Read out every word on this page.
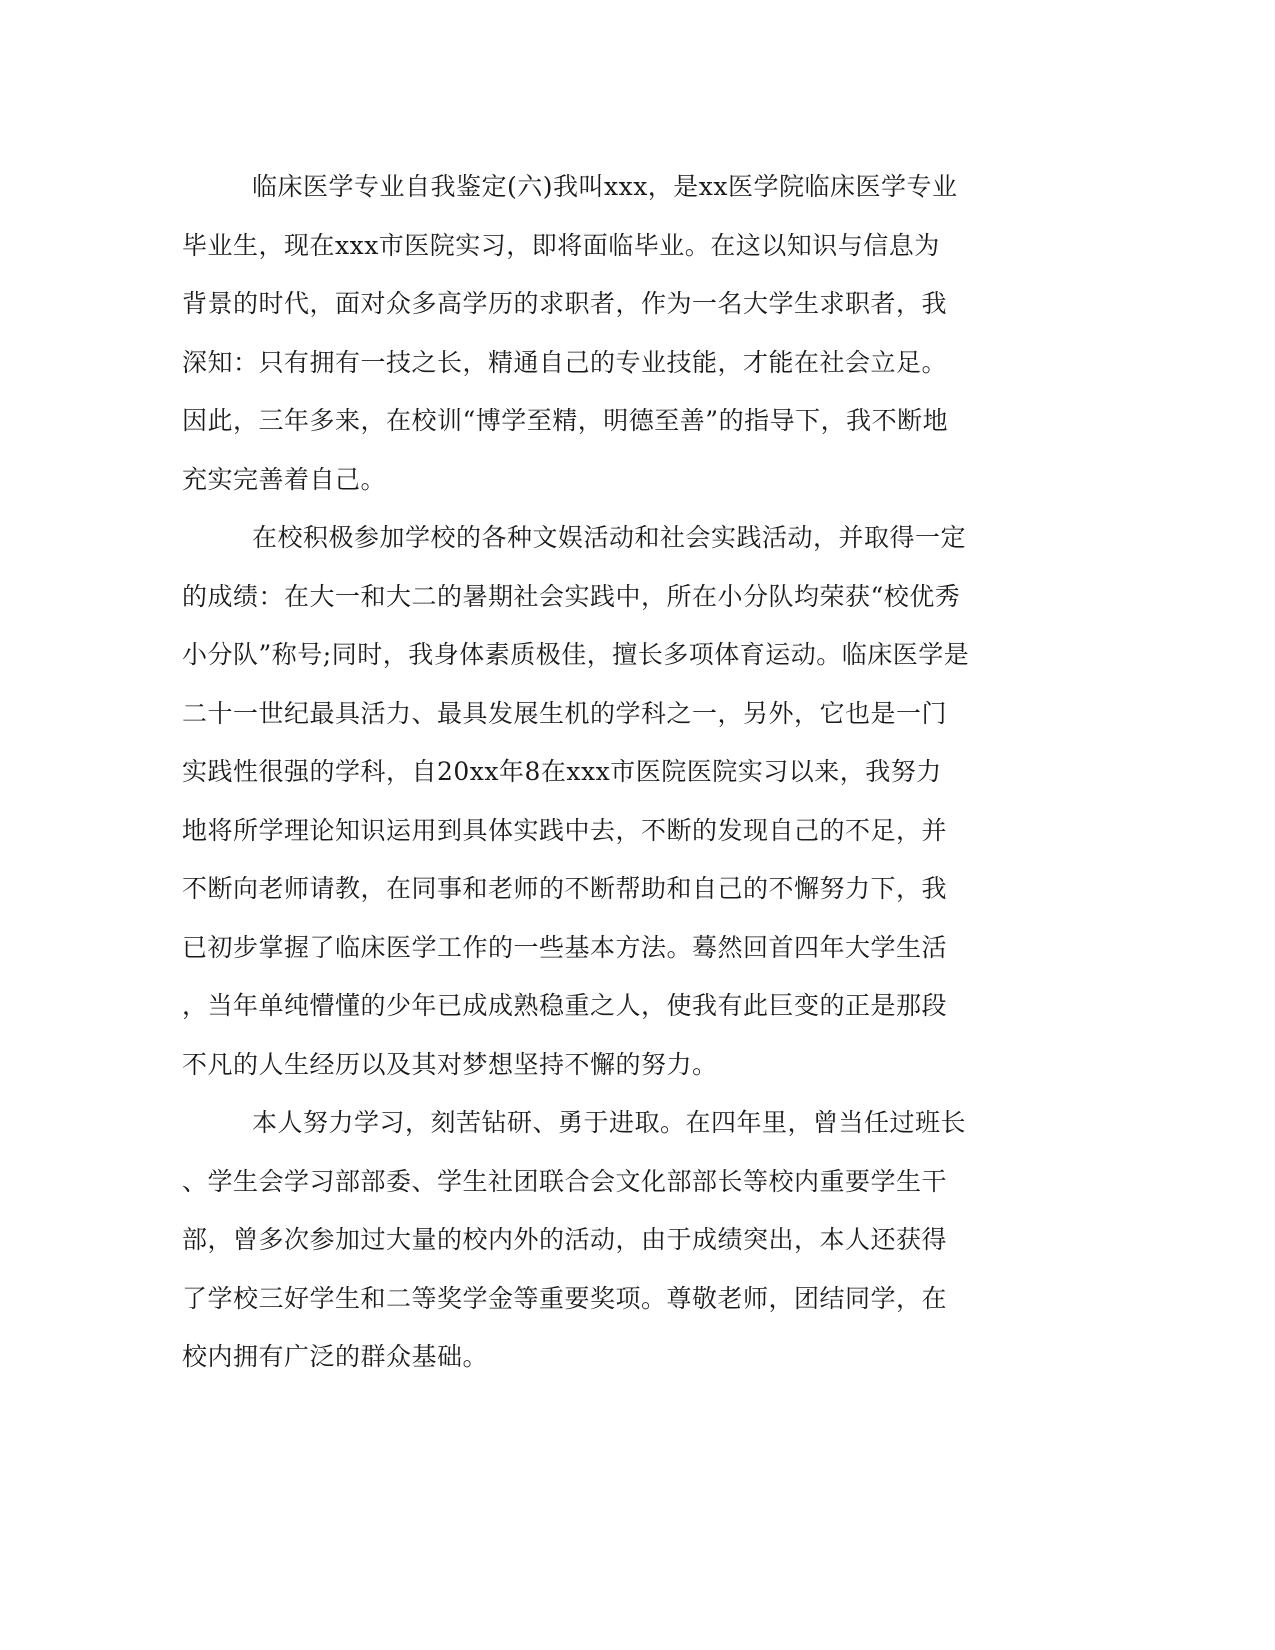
临床医学专业自我鉴定(六)我叫xxx，是xx医学院临床医学专业
毕业生，现在xxx市医院实习，即将面临毕业。在这以知识与信息为
背景的时代，面对众多高学历的求职者，作为一名大学生求职者，我
深知：只有拥有一技之长，精通自己的专业技能，才能在社会立足。
因此，三年多来，在校训“博学至精，明德至善”的指导下，我不断地
充实完善着自己。

在校积极参加学校的各种文娱活动和社会实践活动，并取得一定
的成绩：在大一和大二的暑期社会实践中，所在小分队均荣获“校优秀
小分队”称号;同时，我身体素质极佳，擅长多项体育运动。临床医学是
二十一世纪最具活力、最具发展生机的学科之一，另外，它也是一门
实践性很强的学科，自20xx年8在xxx市医院医院实习以来，我努力
地将所学理论知识运用到具体实践中去，不断的发现自己的不足，并
不断向老师请教，在同事和老师的不断帮助和自己的不懈努力下，我
已初步掌握了临床医学工作的一些基本方法。蓦然回首四年大学生活
，当年单纯懵懂的少年已成成熟稳重之人，使我有此巨变的正是那段
不凡的人生经历以及其对梦想坚持不懈的努力。

本人努力学习，刻苦钻研、勇于进取。在四年里，曾当任过班长
、学生会学习部部委、学生社团联合会文化部部长等校内重要学生干
部，曾多次参加过大量的校内外的活动，由于成绩突出，本人还获得
了学校三好学生和二等奖学金等重要奖项。尊敬老师，团结同学，在
校内拥有广泛的群众基础。
